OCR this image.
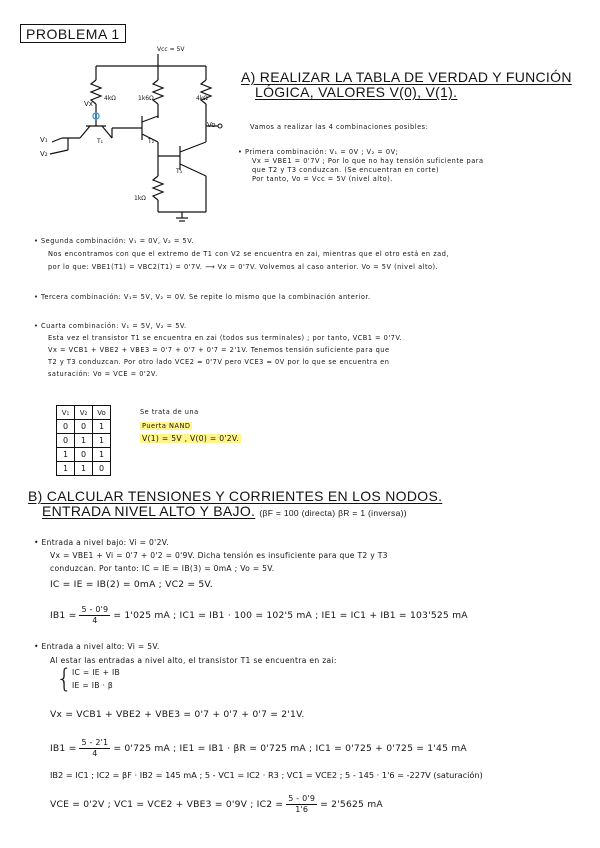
PROBLEMA 1
Vcc = 5V
4kΩ	1k6Ω	4kΩ
1kΩ
Vx
V₁
V₂
T₁	T₂
T₃
Vo
A) REALIZAR LA TABLA DE VERDAD Y FUNCIÓN
LÓGICA, VALORES V(0), V(1).
Vamos a realizar las 4 combinaciones posibles:
• Primera combinación: V₁ = 0V ; V₂ = 0V;
Vx = VBE1 = 0'7V ; Por lo que no hay tensión suficiente para
que T2 y T3 conduzcan. (Se encuentran en corte)
Por tanto, Vo = Vcc = 5V (nivel alto).
• Segunda combinación: V₁ = 0V, V₂ = 5V.
Nos encontramos con que el extremo de T1 con V2 se encuentra en zai, mientras que el otro está en zad,
por lo que: VBE1(T1) = VBC2(T1) = 0'7V. ⟶ Vx = 0'7V. Volvemos al caso anterior. Vo = 5V (nivel alto).
• Tercera combinación: V₁= 5V, V₂ = 0V. Se repite lo mismo que la combinación anterior.
• Cuarta combinación: V₁ = 5V, V₂ = 5V.
Esta vez el transistor T1 se encuentra en zai (todos sus terminales) ; por tanto, VCB1 = 0'7V.
Vx = VCB1 + VBE2 + VBE3 = 0'7 + 0'7 + 0'7 = 2'1V. Tenemos tensión suficiente para que
T2 y T3 conduzcan. Por otro lado VCE2 ≃ 0'7V pero VCE3 ≃ 0V por lo que se encuentra en
saturación: Vo = VCE = 0'2V.
V₁	V₂	Vo
0	0	1
0	1	1
1	0	1
1	1	0
Se trata de una
Puerta NAND
V(1) = 5V , V(0) = 0'2V.
B) CALCULAR TENSIONES Y CORRIENTES EN LOS NODOS.
ENTRADA NIVEL ALTO Y BAJO. (βF = 100 (directa) βR = 1 (inversa))
• Entrada a nivel bajo: Vi = 0'2V.
Vx = VBE1 + Vi = 0'7 + 0'2 = 0'9V. Dicha tensión es insuficiente para que T2 y T3
conduzcan. Por tanto: IC = IE = IB(3) = 0mA ; Vo = 5V.
IC = IE = IB(2) = 0mA ; VC2 = 5V.
$IB1 = \frac{5 - 0'9}{4} = 1'025$ mA ; IC1 = IB1 · 100 = 102'5 mA ; IE1 = IC1 + IB1 = 103'525 mA
• Entrada a nivel alto: Vi = 5V.
Al estar las entradas a nivel alto, el transistor T1 se encuentra en zai:
{ IC = IE + IB
IE = IB · β
Vx = VCB1 + VBE2 + VBE3 = 0'7 + 0'7 + 0'7 = 2'1V.
$IB1 = \frac{5 - 2'1}{4} = 0'725$ mA ; IE1 = IB1 · βR = 0'725 mA ; IC1 = 0'725 + 0'725 = 1'45 mA
IB2 = IC1 ; IC2 = βF · IB2 = 145 mA ; 5 - VC1 = IC2 · R3 ; VC1 = VCE2 ; 5 - 145 · 1'6 = -227V (saturación)
VCE = 0'2V ; VC1 = VCE2 + VBE3 = 0'9V ; $IC2 = \frac{5 - 0'9}{1'6} = 2'5625$ mA
